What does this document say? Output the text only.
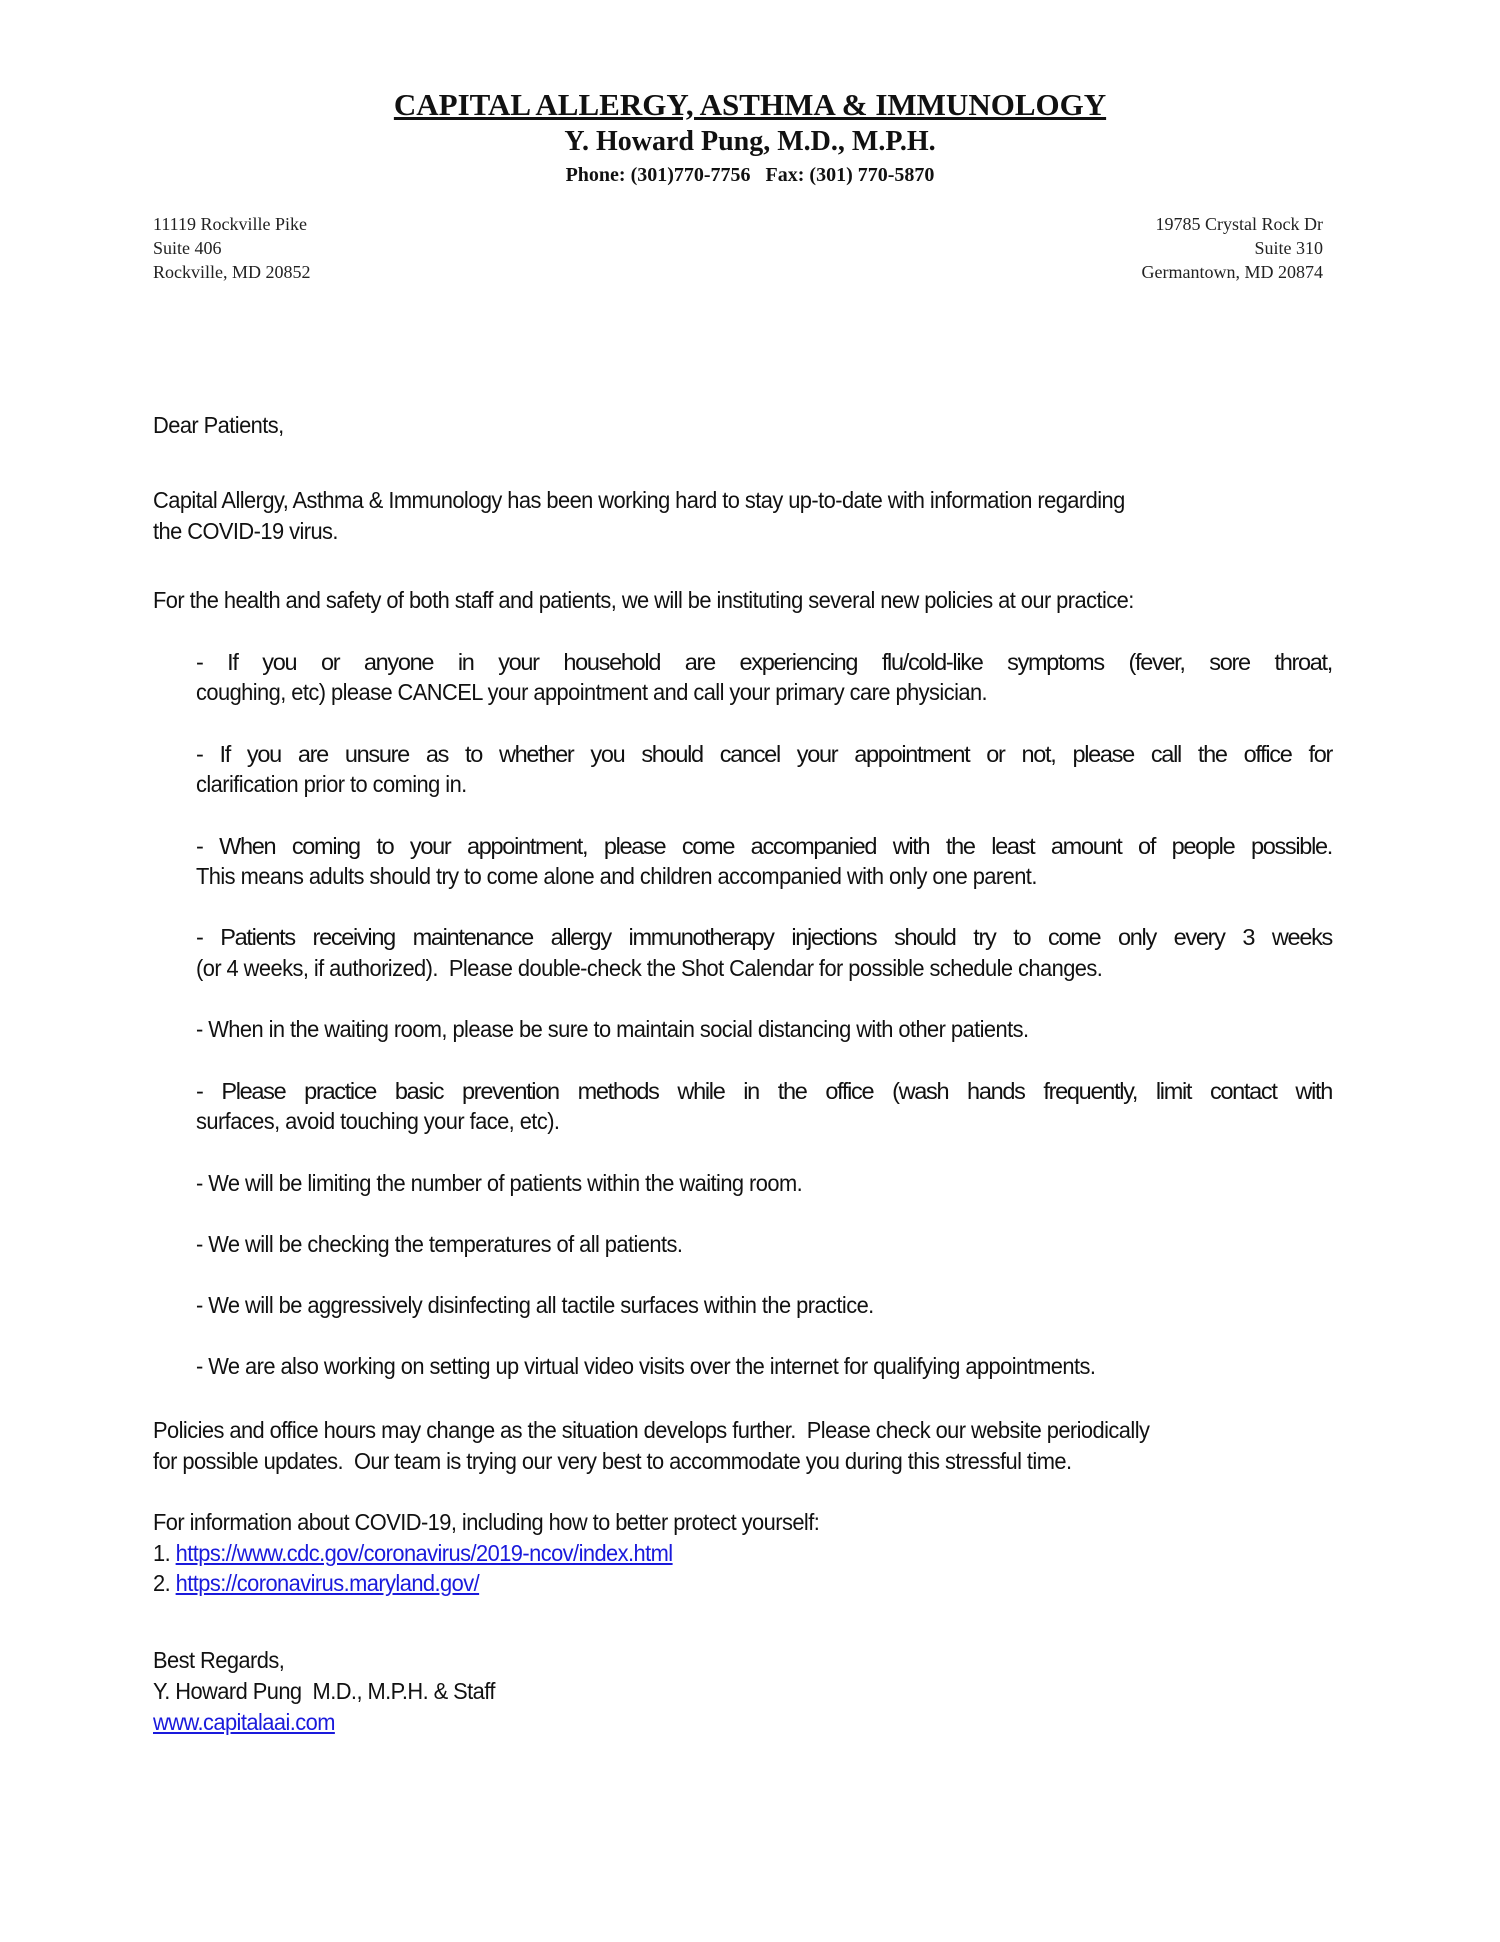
CAPITAL ALLERGY, ASTHMA & IMMUNOLOGY
Y. Howard Pung, M.D., M.P.H.
Phone: (301)770-7756   Fax: (301) 770-5870
11119 Rockville Pike
Suite 406
Rockville, MD 20852
19785 Crystal Rock Dr
Suite 310
Germantown, MD 20874
Dear Patients,
Capital Allergy, Asthma & Immunology has been working hard to stay up-to-date with information regarding
the COVID-19 virus.
For the health and safety of both staff and patients, we will be instituting several new policies at our practice:
- If you or anyone in your household are experiencing flu/cold-like symptoms (fever, sore throat,
coughing, etc) please CANCEL your appointment and call your primary care physician.
- If you are unsure as to whether you should cancel your appointment or not, please call the office for
clarification prior to coming in.
- When coming to your appointment, please come accompanied with the least amount of people possible.
This means adults should try to come alone and children accompanied with only one parent.
- Patients receiving maintenance allergy immunotherapy injections should try to come only every 3 weeks
(or 4 weeks, if authorized).  Please double-check the Shot Calendar for possible schedule changes.
- When in the waiting room, please be sure to maintain social distancing with other patients.
- Please practice basic prevention methods while in the office (wash hands frequently, limit contact with
surfaces, avoid touching your face, etc).
- We will be limiting the number of patients within the waiting room.
- We will be checking the temperatures of all patients.
- We will be aggressively disinfecting all tactile surfaces within the practice.
- We are also working on setting up virtual video visits over the internet for qualifying appointments.
Policies and office hours may change as the situation develops further.  Please check our website periodically
for possible updates.  Our team is trying our very best to accommodate you during this stressful time.
For information about COVID-19, including how to better protect yourself:
1. https://www.cdc.gov/coronavirus/2019-ncov/index.html
2. https://coronavirus.maryland.gov/
Best Regards,
Y. Howard Pung  M.D., M.P.H. & Staff
www.capitalaai.com
